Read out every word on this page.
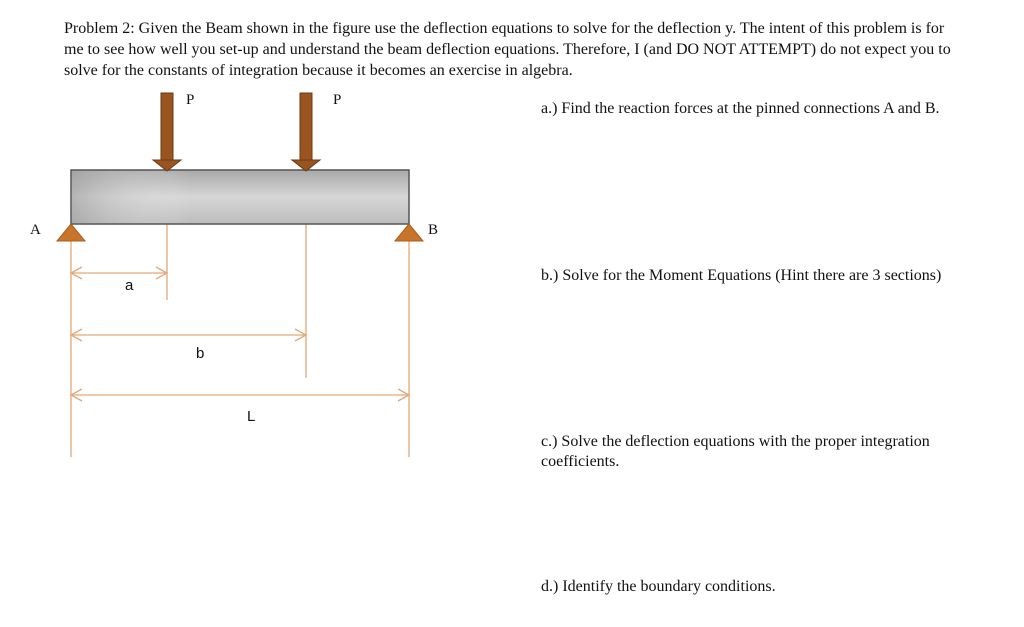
Problem 2: Given the Beam shown in the figure use the deflection equations to solve for the deflection y. The intent of this problem is for me to see how well you set-up and understand the beam deflection equations. Therefore, I (and DO NOT ATTEMPT) do not expect you to solve for the constants of integration because it becomes an exercise in algebra.

P	P

A	B

a

b

L

a.) Find the reaction forces at the pinned connections A and B.

b.) Solve for the Moment Equations (Hint there are 3 sections)

c.) Solve the deflection equations with the proper integration coefficients.

d.) Identify the boundary conditions.
